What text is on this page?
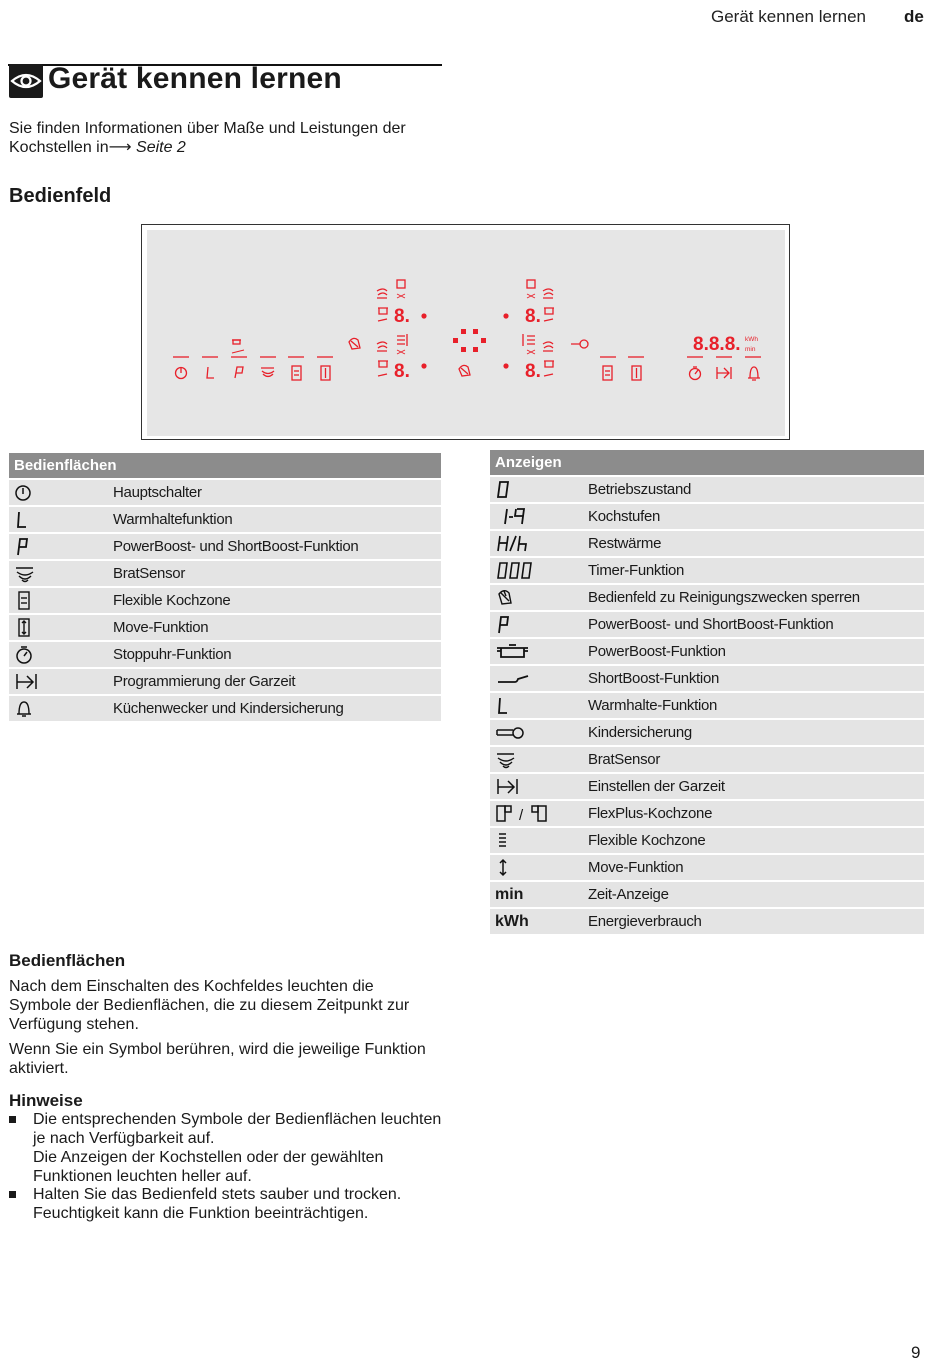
Gerät kennen lernen de
Gerät kennen lernen
Sie finden Informationen über Maße und Leistungen der Kochstellen in⟶ Seite 2
Bedienfeld
8.
8.
8.
8.
8.8.8. kWh
min
Bedienflächen
Hauptschalter
Warmhaltefunktion
PowerBoost- und ShortBoost-Funktion
BratSensor
Flexible Kochzone
Move-Funktion
Stoppuhr-Funktion
Programmierung der Garzeit
Küchenwecker und Kindersicherung
Anzeigen
Betriebszustand
Kochstufen
Restwärme
Timer-Funktion
Bedienfeld zu Reinigungszwecken sperren
PowerBoost- und ShortBoost-Funktion
PowerBoost-Funktion
ShortBoost-Funktion
Warmhalte-Funktion
Kindersicherung
BratSensor
Einstellen der Garzeit
/	FlexPlus-Kochzone
Flexible Kochzone
Move-Funktion
min	Zeit-Anzeige
kWh	Energieverbrauch
Bedienflächen
Nach dem Einschalten des Kochfeldes leuchten die Symbole der Bedienflächen, die zu diesem Zeitpunkt zur Verfügung stehen.
Wenn Sie ein Symbol berühren, wird die jeweilige Funktion aktiviert.
Hinweise
Die entsprechenden Symbole der Bedienflächen leuchten je nach Verfügbarkeit auf.
Die Anzeigen der Kochstellen oder der gewählten Funktionen leuchten heller auf.
Halten Sie das Bedienfeld stets sauber und trocken. Feuchtigkeit kann die Funktion beeinträchtigen.
9
